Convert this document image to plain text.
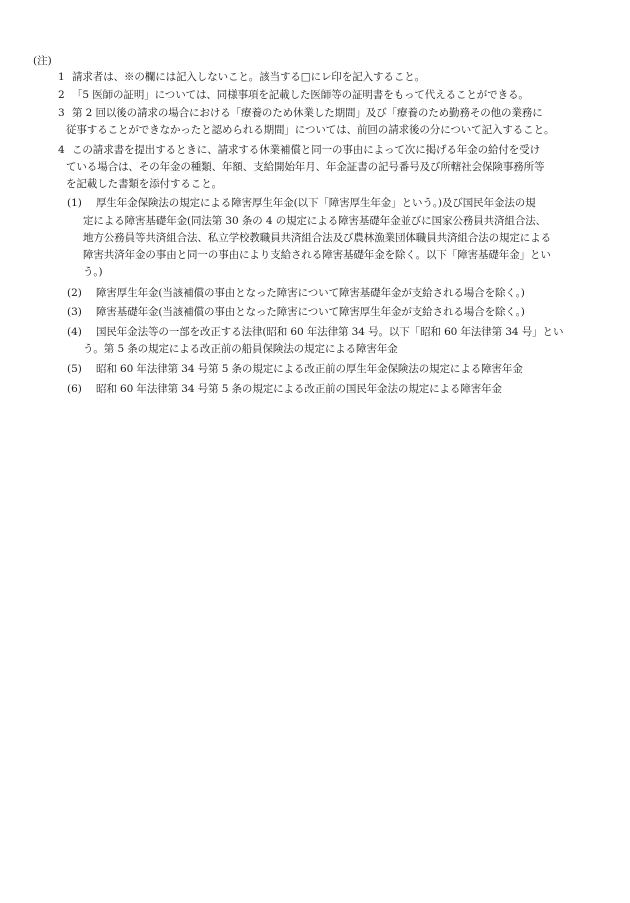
(注)
1 請求者は、※の欄には記入しないこと。該当する□にレ印を記入すること。
2 「5 医師の証明」については、同様事項を記載した医師等の証明書をもって代えることができる。
3 第 2 回以後の請求の場合における「療養のため休業した期間」及び「療養のため勤務その他の業務に
従事することができなかったと認められる期間」については、前回の請求後の分について記入すること。
4 この請求書を提出するときに、請求する休業補償と同一の事由によって次に掲げる年金の給付を受け
ている場合は、その年金の種類、年額、支給開始年月、年金証書の記号番号及び所轄社会保険事務所等
を記載した書類を添付すること。
(1) 厚生年金保険法の規定による障害厚生年金(以下「障害厚生年金」という。)及び国民年金法の規
定による障害基礎年金(同法第 30 条の 4 の規定による障害基礎年金並びに国家公務員共済組合法、
地方公務員等共済組合法、私立学校教職員共済組合法及び農林漁業団体職員共済組合法の規定による
障害共済年金の事由と同一の事由により支給される障害基礎年金を除く。以下「障害基礎年金」とい
う。)
(2) 障害厚生年金(当該補償の事由となった障害について障害基礎年金が支給される場合を除く。)
(3) 障害基礎年金(当該補償の事由となった障害について障害厚生年金が支給される場合を除く。)
(4) 国民年金法等の一部を改正する法律(昭和 60 年法律第 34 号。以下「昭和 60 年法律第 34 号」とい
う。第 5 条の規定による改正前の船員保険法の規定による障害年金
(5) 昭和 60 年法律第 34 号第 5 条の規定による改正前の厚生年金保険法の規定による障害年金
(6) 昭和 60 年法律第 34 号第 5 条の規定による改正前の国民年金法の規定による障害年金
